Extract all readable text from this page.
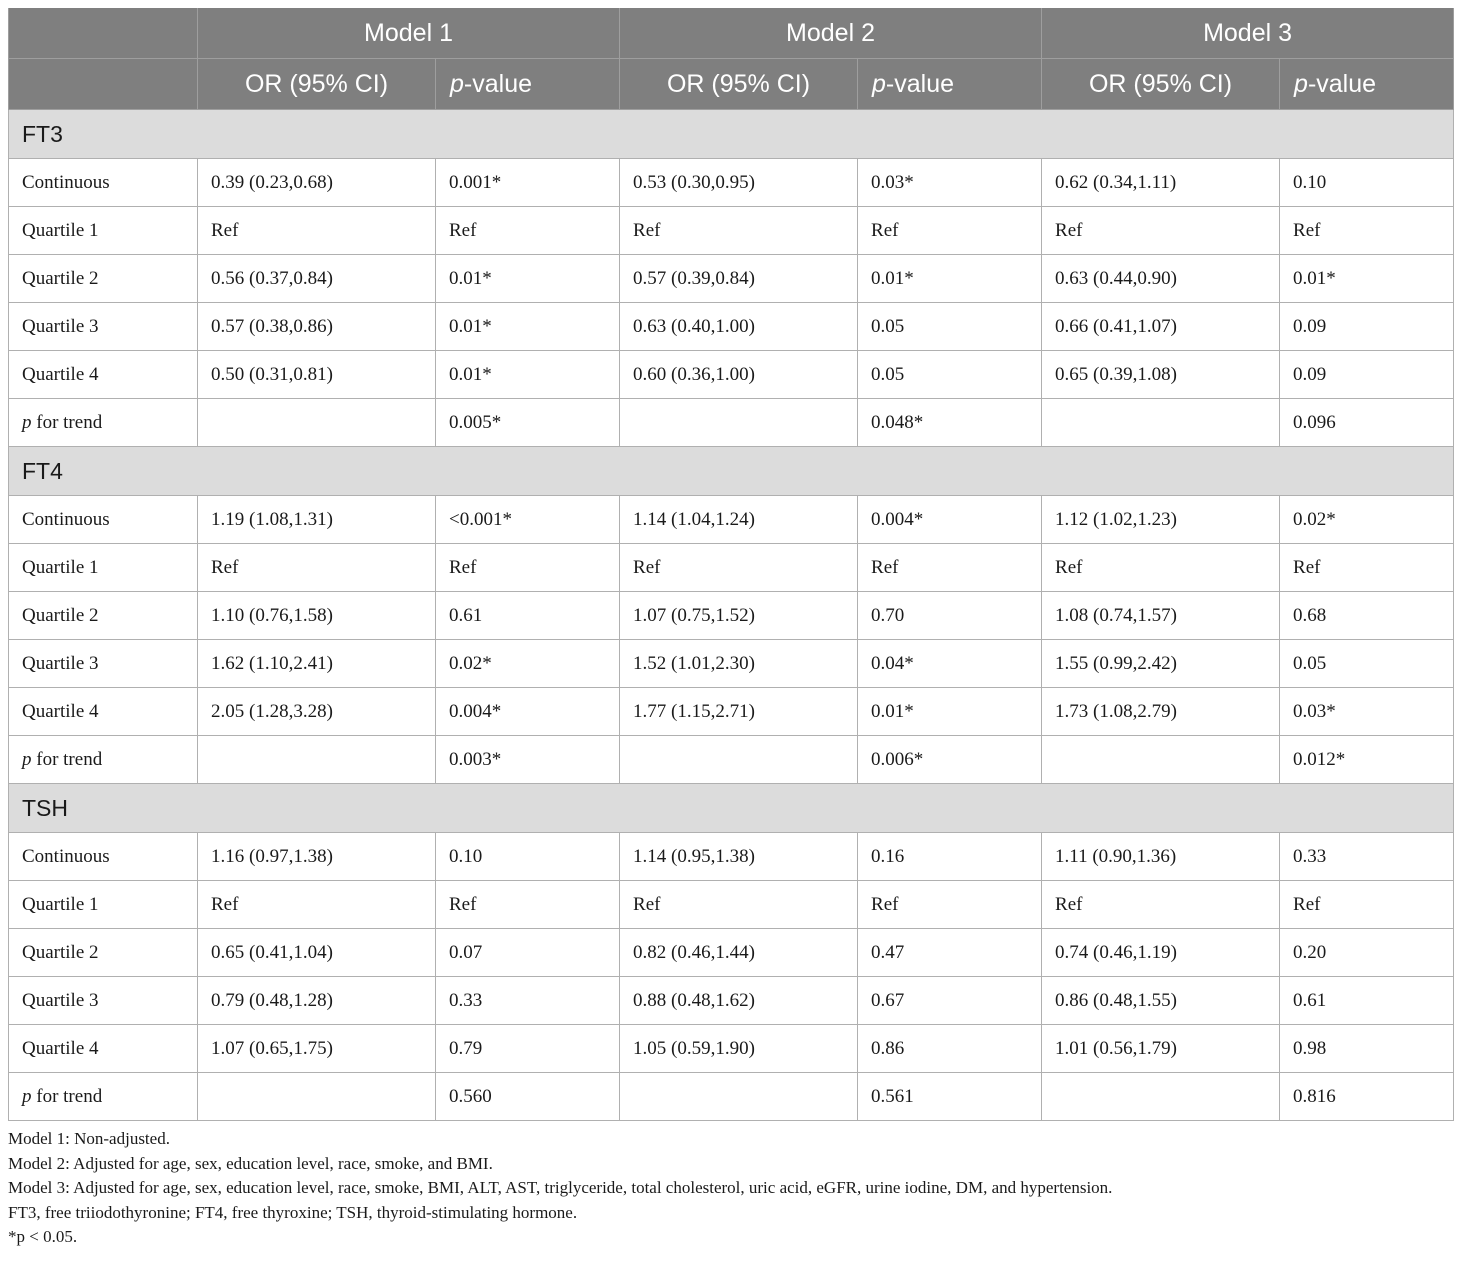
	Model 1		Model 2		Model 3	
	OR (95% CI)	p-value	OR (95% CI)	p-value	OR (95% CI)	p-value
FT3						
Continuous	0.39 (0.23,0.68)	0.001*	0.53 (0.30,0.95)	0.03*	0.62 (0.34,1.11)	0.10
Quartile 1	Ref	Ref	Ref	Ref	Ref	Ref
Quartile 2	0.56 (0.37,0.84)	0.01*	0.57 (0.39,0.84)	0.01*	0.63 (0.44,0.90)	0.01*
Quartile 3	0.57 (0.38,0.86)	0.01*	0.63 (0.40,1.00)	0.05	0.66 (0.41,1.07)	0.09
Quartile 4	0.50 (0.31,0.81)	0.01*	0.60 (0.36,1.00)	0.05	0.65 (0.39,1.08)	0.09
p for trend		0.005*		0.048*		0.096
FT4						
Continuous	1.19 (1.08,1.31)	<0.001*	1.14 (1.04,1.24)	0.004*	1.12 (1.02,1.23)	0.02*
Quartile 1	Ref	Ref	Ref	Ref	Ref	Ref
Quartile 2	1.10 (0.76,1.58)	0.61	1.07 (0.75,1.52)	0.70	1.08 (0.74,1.57)	0.68
Quartile 3	1.62 (1.10,2.41)	0.02*	1.52 (1.01,2.30)	0.04*	1.55 (0.99,2.42)	0.05
Quartile 4	2.05 (1.28,3.28)	0.004*	1.77 (1.15,2.71)	0.01*	1.73 (1.08,2.79)	0.03*
p for trend		0.003*		0.006*		0.012*
TSH						
Continuous	1.16 (0.97,1.38)	0.10	1.14 (0.95,1.38)	0.16	1.11 (0.90,1.36)	0.33
Quartile 1	Ref	Ref	Ref	Ref	Ref	Ref
Quartile 2	0.65 (0.41,1.04)	0.07	0.82 (0.46,1.44)	0.47	0.74 (0.46,1.19)	0.20
Quartile 3	0.79 (0.48,1.28)	0.33	0.88 (0.48,1.62)	0.67	0.86 (0.48,1.55)	0.61
Quartile 4	1.07 (0.65,1.75)	0.79	1.05 (0.59,1.90)	0.86	1.01 (0.56,1.79)	0.98
p for trend		0.560		0.561		0.816
Model 1: Non-adjusted.
Model 2: Adjusted for age, sex, education level, race, smoke, and BMI.
Model 3: Adjusted for age, sex, education level, race, smoke, BMI, ALT, AST, triglyceride, total cholesterol, uric acid, eGFR, urine iodine, DM, and hypertension.
FT3, free triiodothyronine; FT4, free thyroxine; TSH, thyroid-stimulating hormone.
*p < 0.05.
